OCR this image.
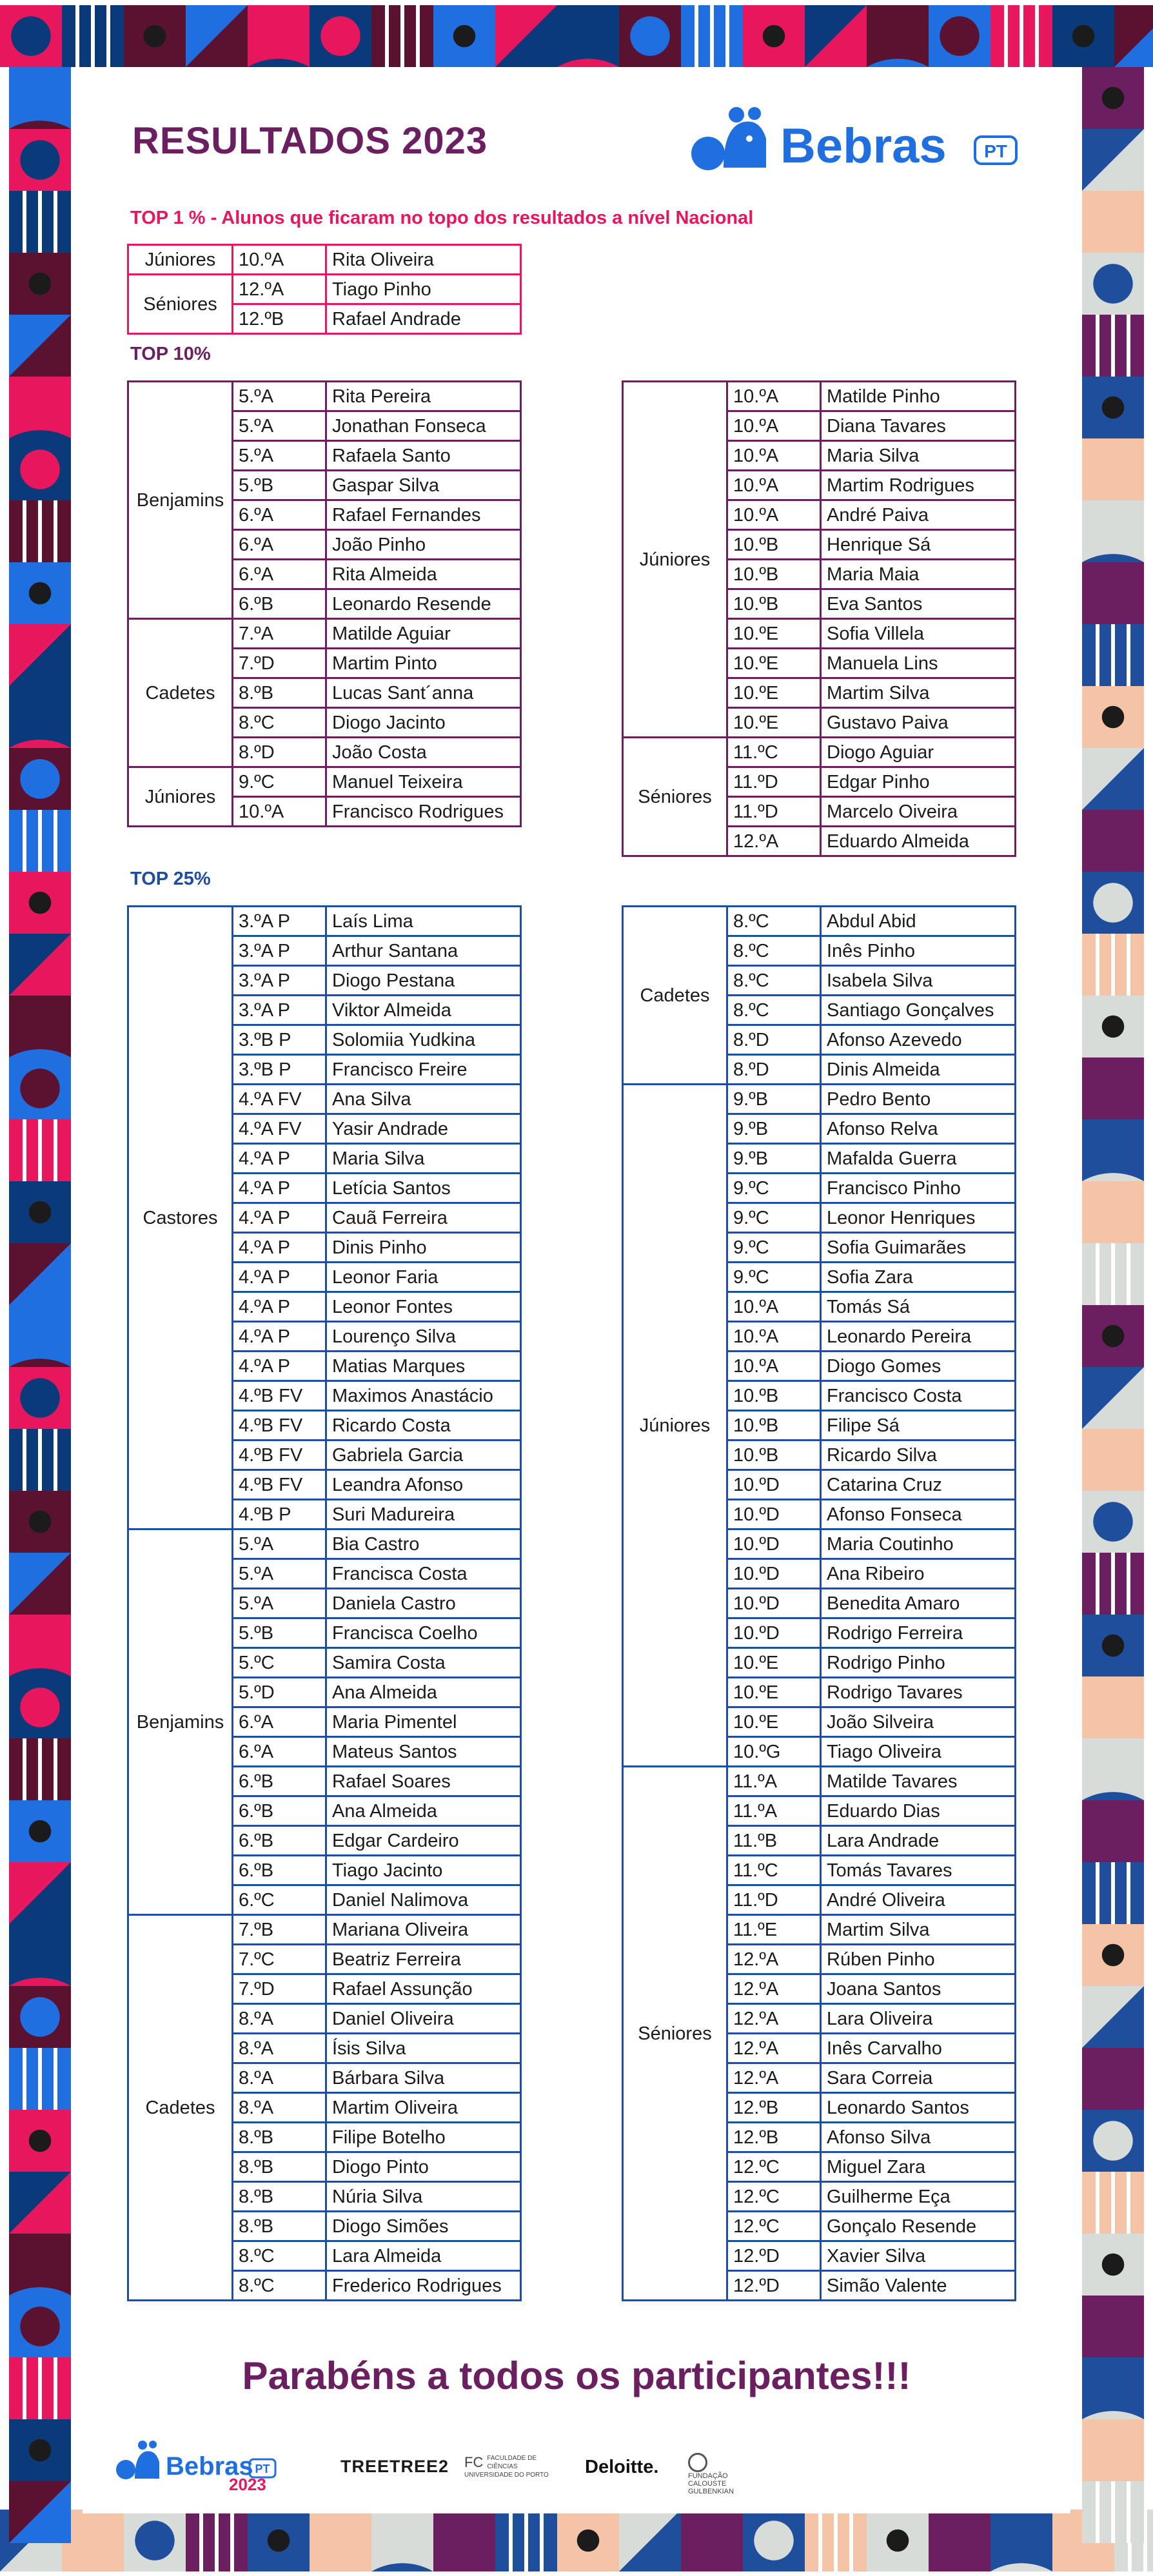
RESULTADOS 2023	Bebras PT
TOP 1 % - Alunos que ficaram no topo dos resultados a nível Nacional
Júniores	10.ºA	Rita Oliveira
Séniores	12.ºA	Tiago Pinho
	12.ºB	Rafael Andrade
TOP 10%
Benjamins	5.ºA	Rita Pereira
	5.ºA	Jonathan Fonseca
	5.ºA	Rafaela Santo
	5.ºB	Gaspar Silva
	6.ºA	Rafael Fernandes
	6.ºA	João Pinho
	6.ºA	Rita Almeida
	6.ºB	Leonardo Resende
Cadetes	7.ºA	Matilde Aguiar
	7.ºD	Martim Pinto
	8.ºB	Lucas Sant´anna
	8.ºC	Diogo Jacinto
	8.ºD	João Costa
Júniores	9.ºC	Manuel Teixeira
	10.ºA	Francisco Rodrigues
Júniores	10.ºA	Matilde Pinho
	10.ºA	Diana Tavares
	10.ºA	Maria Silva
	10.ºA	Martim Rodrigues
	10.ºA	André Paiva
	10.ºB	Henrique Sá
	10.ºB	Maria Maia
	10.ºB	Eva Santos
	10.ºE	Sofia Villela
	10.ºE	Manuela Lins
	10.ºE	Martim Silva
	10.ºE	Gustavo Paiva
Séniores	11.ºC	Diogo Aguiar
	11.ºD	Edgar Pinho
	11.ºD	Marcelo Oiveira
	12.ºA	Eduardo Almeida
TOP 25%
Castores	3.ºA P	Laís Lima
	3.ºA P	Arthur Santana
	3.ºA P	Diogo Pestana
	3.ºA P	Viktor Almeida
	3.ºB P	Solomiia Yudkina
	3.ºB P	Francisco Freire
	4.ºA FV	Ana Silva
	4.ºA FV	Yasir Andrade
	4.ºA P	Maria Silva
	4.ºA P	Letícia Santos
	4.ºA P	Cauã Ferreira
	4.ºA P	Dinis Pinho
	4.ºA P	Leonor Faria
	4.ºA P	Leonor Fontes
	4.ºA P	Lourenço Silva
	4.ºA P	Matias Marques
	4.ºB FV	Maximos Anastácio
	4.ºB FV	Ricardo Costa
	4.ºB FV	Gabriela Garcia
	4.ºB FV	Leandra Afonso
	4.ºB P	Suri Madureira
Benjamins	5.ºA	Bia Castro
	5.ºA	Francisca Costa
	5.ºA	Daniela Castro
	5.ºB	Francisca Coelho
	5.ºC	Samira Costa
	5.ºD	Ana Almeida
	6.ºA	Maria Pimentel
	6.ºA	Mateus Santos
	6.ºB	Rafael Soares
	6.ºB	Ana Almeida
	6.ºB	Edgar Cardeiro
	6.ºB	Tiago Jacinto
	6.ºC	Daniel Nalimova
Cadetes	7.ºB	Mariana Oliveira
	7.ºC	Beatriz Ferreira
	7.ºD	Rafael Assunção
	8.ºA	Daniel Oliveira
	8.ºA	Ísis Silva
	8.ºA	Bárbara Silva
	8.ºA	Martim Oliveira
	8.ºB	Filipe Botelho
	8.ºB	Diogo Pinto
	8.ºB	Núria Silva
	8.ºB	Diogo Simões
	8.ºC	Lara Almeida
	8.ºC	Frederico Rodrigues
Cadetes	8.ºC	Abdul Abid
	8.ºC	Inês Pinho
	8.ºC	Isabela Silva
	8.ºC	Santiago Gonçalves
	8.ºD	Afonso Azevedo
	8.ºD	Dinis Almeida
Júniores	9.ºB	Pedro Bento
	9.ºB	Afonso Relva
	9.ºB	Mafalda Guerra
	9.ºC	Francisco Pinho
	9.ºC	Leonor Henriques
	9.ºC	Sofia Guimarães
	9.ºC	Sofia Zara
	10.ºA	Tomás Sá
	10.ºA	Leonardo Pereira
	10.ºA	Diogo Gomes
	10.ºB	Francisco Costa
	10.ºB	Filipe Sá
	10.ºB	Ricardo Silva
	10.ºD	Catarina Cruz
	10.ºD	Afonso Fonseca
	10.ºD	Maria Coutinho
	10.ºD	Ana Ribeiro
	10.ºD	Benedita Amaro
	10.ºD	Rodrigo Ferreira
	10.ºE	Rodrigo Pinho
	10.ºE	Rodrigo Tavares
	10.ºE	João Silveira
	10.ºG	Tiago Oliveira
Séniores	11.ºA	Matilde Tavares
	11.ºA	Eduardo Dias
	11.ºB	Lara Andrade
	11.ºC	Tomás Tavares
	11.ºD	André Oliveira
	11.ºE	Martim Silva
	12.ºA	Rúben Pinho
	12.ºA	Joana Santos
	12.ºA	Lara Oliveira
	12.ºA	Inês Carvalho
	12.ºA	Sara Correia
	12.ºB	Leonardo Santos
	12.ºB	Afonso Silva
	12.ºC	Miguel Zara
	12.ºC	Guilherme Eça
	12.ºC	Gonçalo Resende
	12.ºD	Xavier Silva
	12.ºD	Simão Valente
Parabéns a todos os participantes!!!
Bebras PT
2023
TREETREE2 FC FACULDADE DE CIÊNCIAS
UNIVERSIDADE DO PORTO Deloitte.	FUNDAÇÃO
CALOUSTE
GULBENKIAN
